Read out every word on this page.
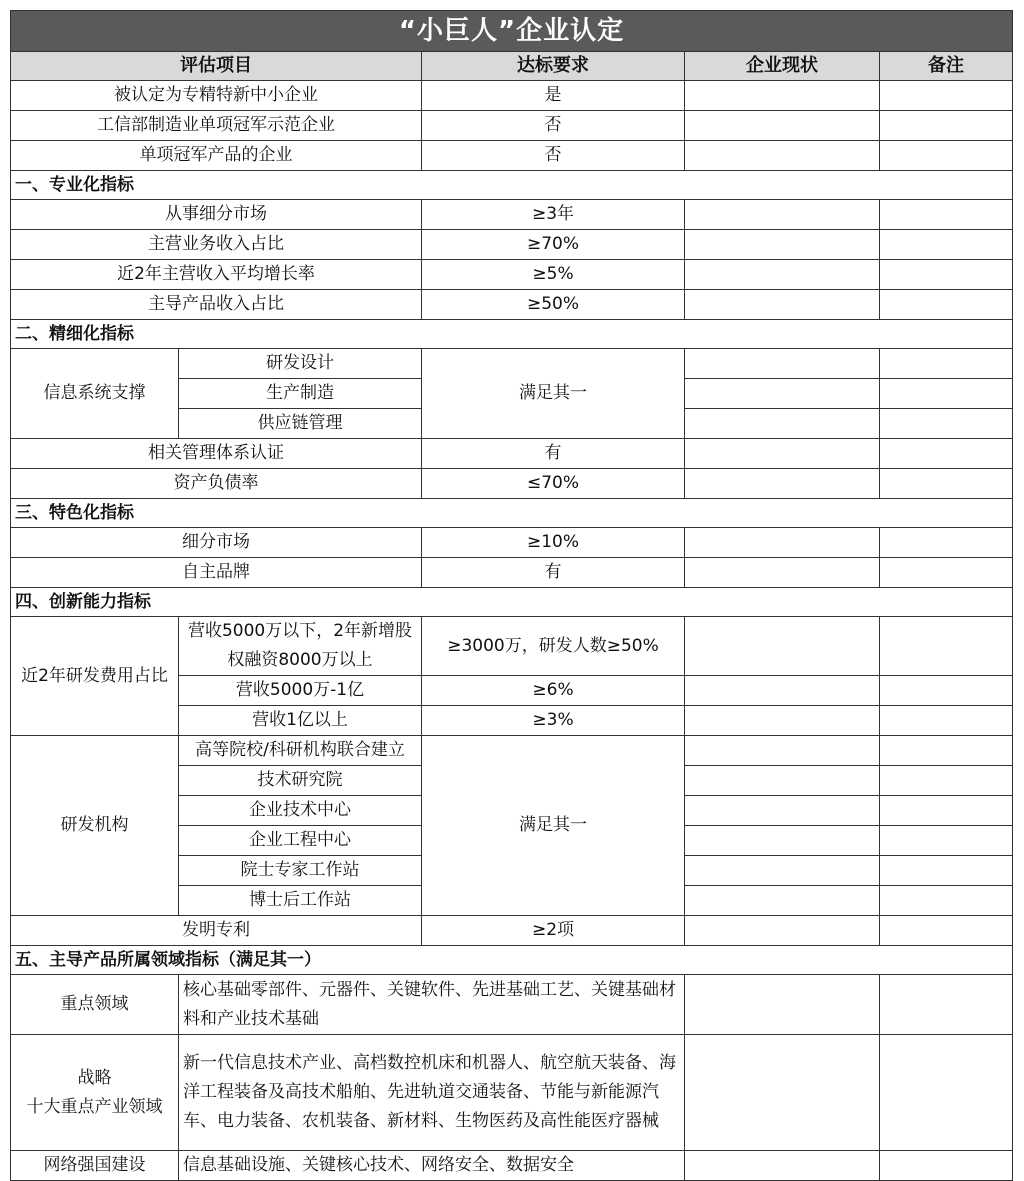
“小巨人”企业认定				
评估项目		达标要求	企业现状	备注
被认定为专精特新中小企业		是		
工信部制造业单项冠军示范企业		否		
单项冠军产品的企业		否		
一、专业化指标				
从事细分市场		≥3年		
主营业务收入占比		≥70%		
近2年主营收入平均增长率		≥5%		
主导产品收入占比		≥50%		
二、精细化指标				
信息系统支撑	研发设计	满足其一		
	生产制造			
	供应链管理			
相关管理体系认证		有		
资产负债率		≤70%		
三、特色化指标				
细分市场		≥10%		
自主品牌		有		
四、创新能力指标				
近2年研发费用占比	营收5000万以下，2年新增股权融资8000万以上	≥3000万，研发人数≥50%		
	营收5000万-1亿	≥6%		
	营收1亿以上	≥3%		
研发机构	高等院校/科研机构联合建立	满足其一		
	技术研究院			
	企业技术中心			
	企业工程中心			
	院士专家工作站			
	博士后工作站			
发明专利		≥2项		
五、主导产品所属领域指标（满足其一）				
重点领域	核心基础零部件、元器件、关键软件、先进基础工艺、关键基础材料和产业技术基础			
战略
十大重点产业领域	新一代信息技术产业、高档数控机床和机器人、航空航天装备、海洋工程装备及高技术船舶、先进轨道交通装备、节能与新能源汽车、电力装备、农机装备、新材料、生物医药及高性能医疗器械			
网络强国建设	信息基础设施、关键核心技术、网络安全、数据安全			
